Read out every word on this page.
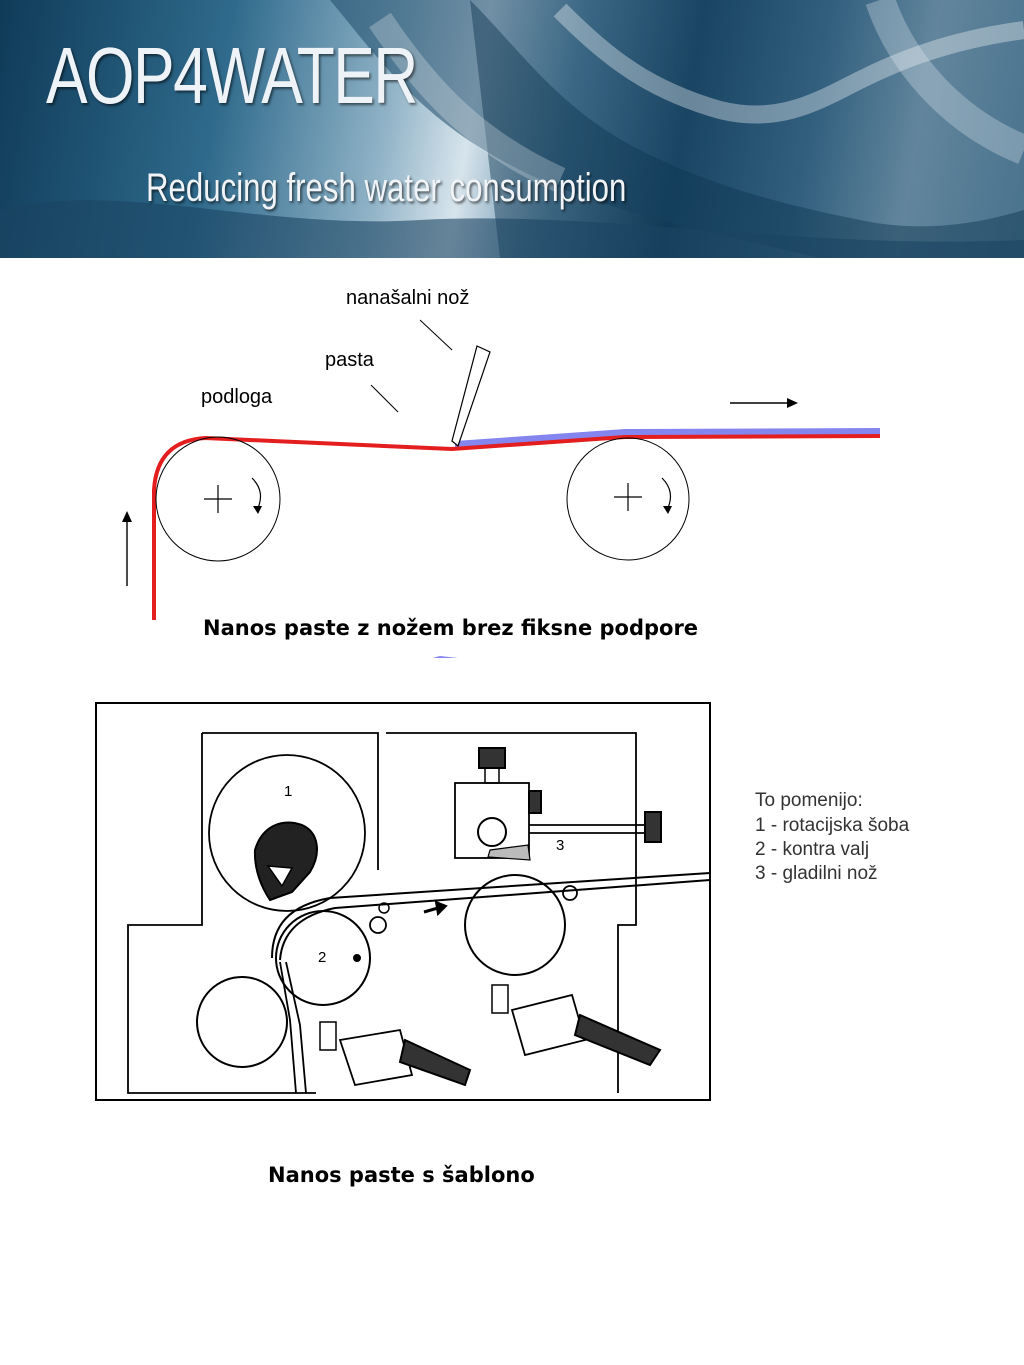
AOP4WATER
Reducing fresh water consumption
nanašalni nož
pasta
podloga
Nanos paste z nožem brez fiksne podpore
1
2
3
To pomenijo:
1 - rotacijska šoba
2 - kontra valj
3 - gladilni nož
Nanos paste s šablono
